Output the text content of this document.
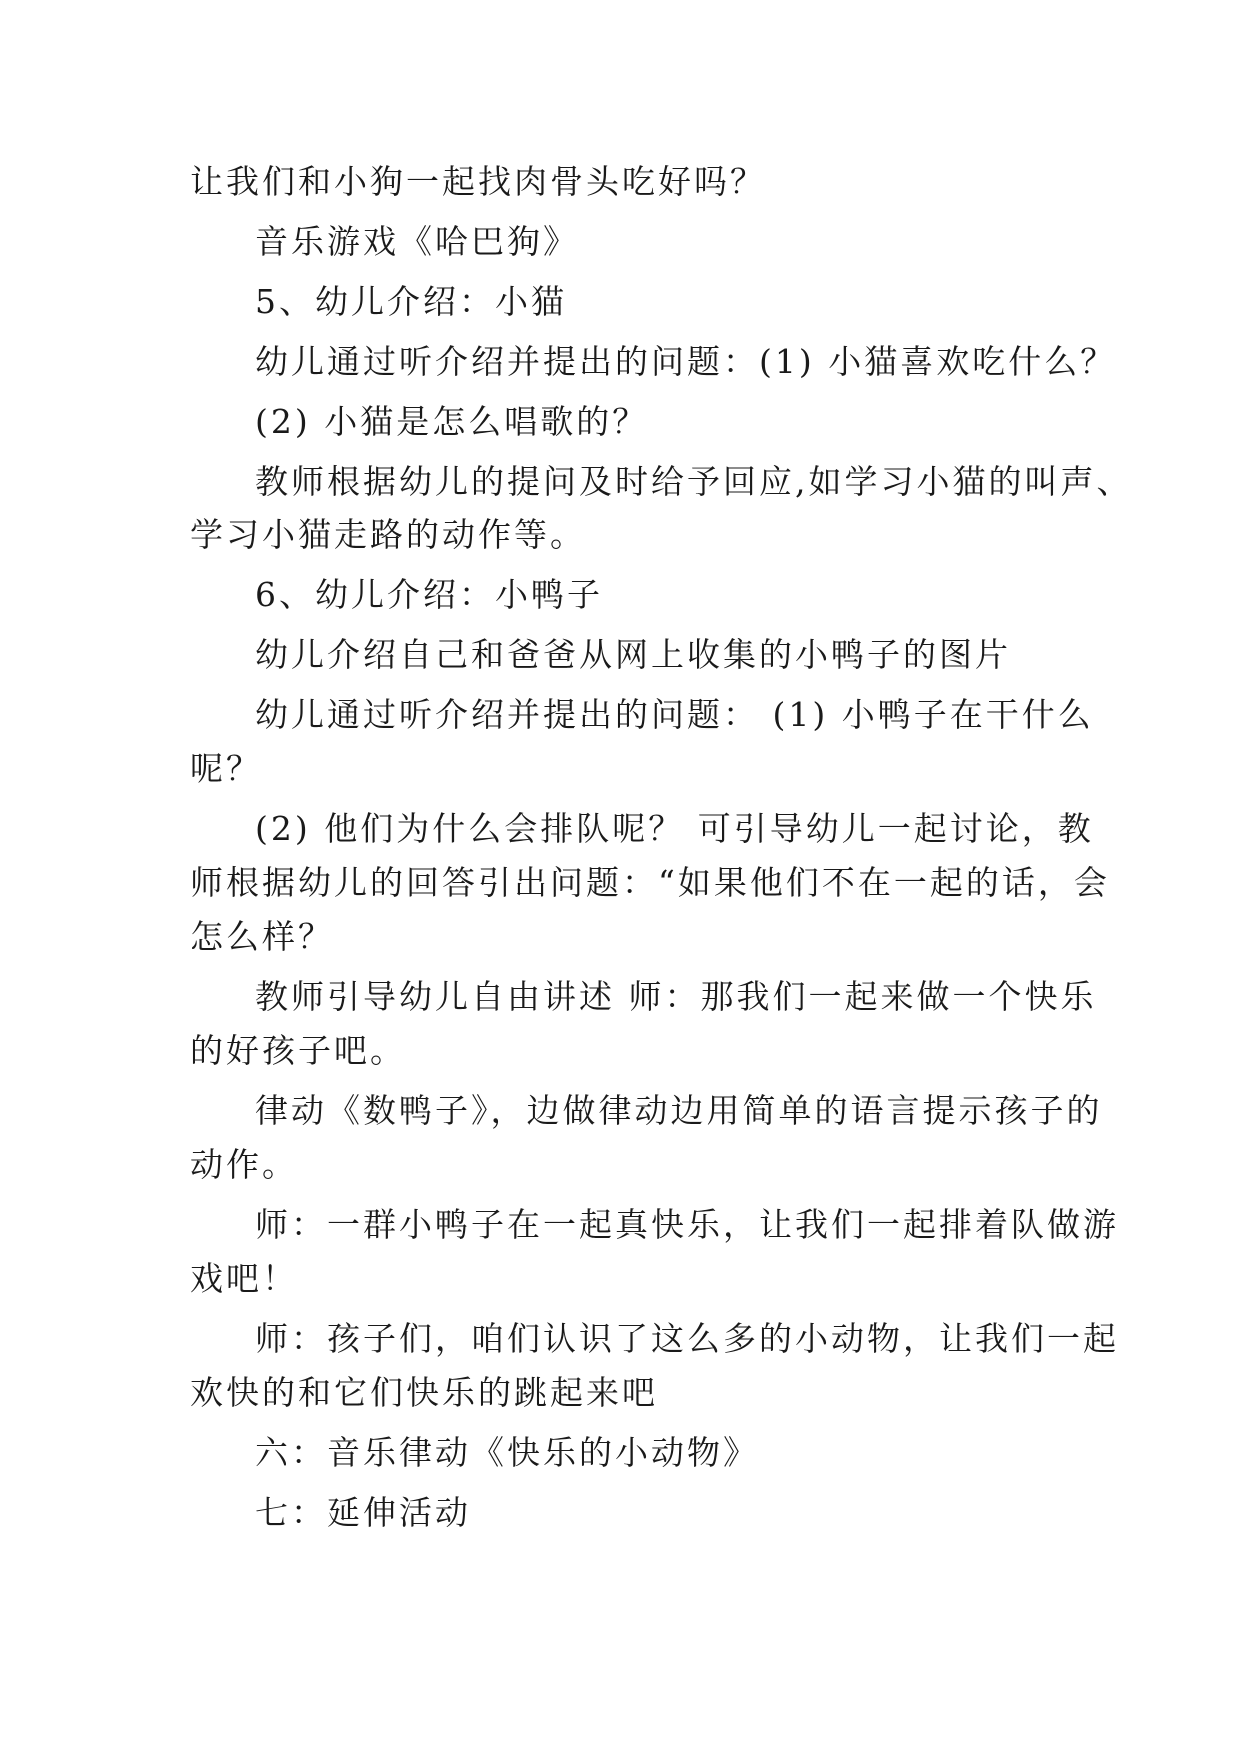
让我们和小狗一起找肉骨头吃好吗？
音乐游戏《哈巴狗》
5、幼儿介绍：小猫
幼儿通过听介绍并提出的问题：(1) 小猫喜欢吃什么？
(2) 小猫是怎么唱歌的？
教师根据幼儿的提问及时给予回应,如学习小猫的叫声、
学习小猫走路的动作等。
6、幼儿介绍：小鸭子
幼儿介绍自己和爸爸从网上收集的小鸭子的图片
幼儿通过听介绍并提出的问题： (1) 小鸭子在干什么
呢？
(2) 他们为什么会排队呢？ 可引导幼儿一起讨论，教
师根据幼儿的回答引出问题：“如果他们不在一起的话，会
怎么样？
教师引导幼儿自由讲述 师：那我们一起来做一个快乐
的好孩子吧。
律动《数鸭子》，边做律动边用简单的语言提示孩子的
动作。
师：一群小鸭子在一起真快乐，让我们一起排着队做游
戏吧！
师：孩子们，咱们认识了这么多的小动物，让我们一起
欢快的和它们快乐的跳起来吧
六：音乐律动《快乐的小动物》
七：延伸活动
